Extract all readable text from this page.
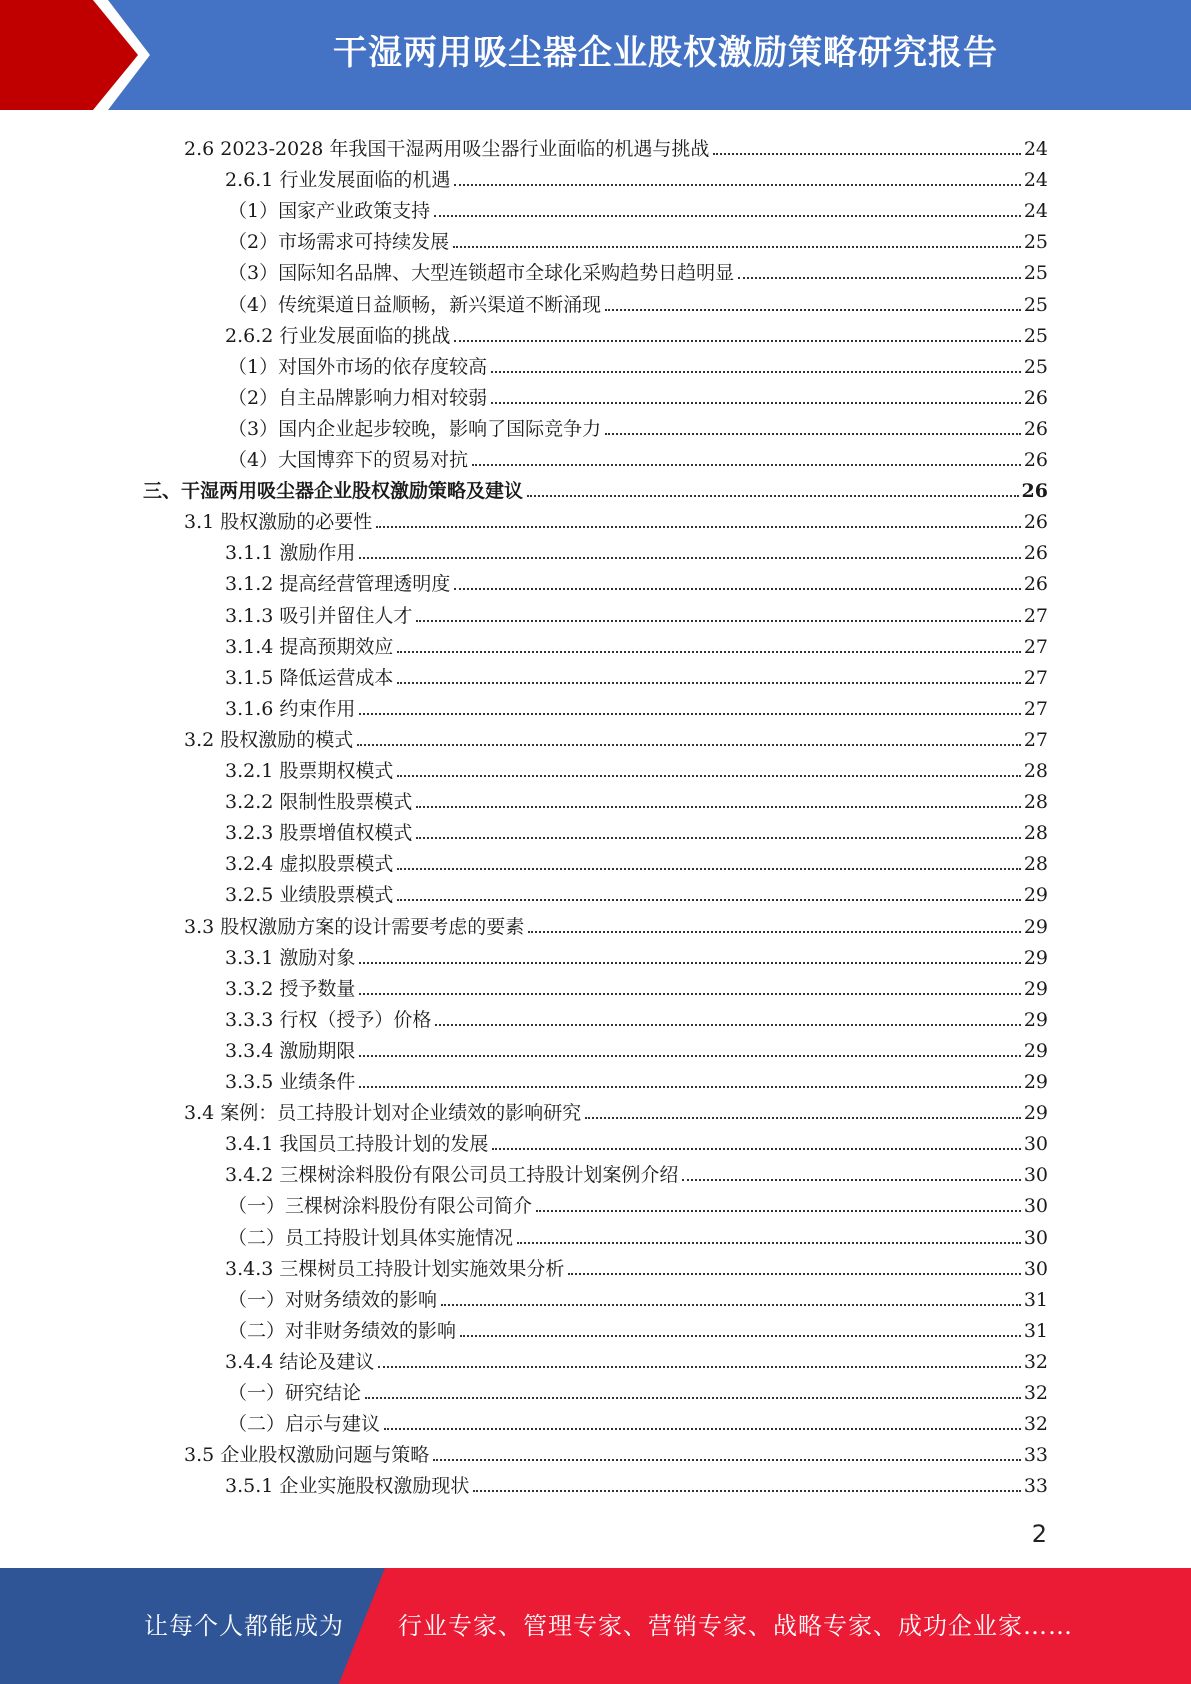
干湿两用吸尘器企业股权激励策略研究报告
2.6 2023-2028 年我国干湿两用吸尘器行业面临的机遇与挑战	24
2.6.1 行业发展面临的机遇	24
（1）国家产业政策支持	24
（2）市场需求可持续发展	25
（3）国际知名品牌、大型连锁超市全球化采购趋势日趋明显	25
（4）传统渠道日益顺畅，新兴渠道不断涌现	25
2.6.2 行业发展面临的挑战	25
（1）对国外市场的依存度较高	25
（2）自主品牌影响力相对较弱	26
（3）国内企业起步较晚，影响了国际竞争力	26
（4）大国博弈下的贸易对抗	26
三、干湿两用吸尘器企业股权激励策略及建议	26
3.1 股权激励的必要性	26
3.1.1 激励作用	26
3.1.2 提高经营管理透明度	26
3.1.3 吸引并留住人才	27
3.1.4 提高预期效应	27
3.1.5 降低运营成本	27
3.1.6 约束作用	27
3.2 股权激励的模式	27
3.2.1 股票期权模式	28
3.2.2 限制性股票模式	28
3.2.3 股票增值权模式	28
3.2.4 虚拟股票模式	28
3.2.5 业绩股票模式	29
3.3 股权激励方案的设计需要考虑的要素	29
3.3.1 激励对象	29
3.3.2 授予数量	29
3.3.3 行权（授予）价格	29
3.3.4 激励期限	29
3.3.5 业绩条件	29
3.4 案例：员工持股计划对企业绩效的影响研究	29
3.4.1 我国员工持股计划的发展	30
3.4.2 三棵树涂料股份有限公司员工持股计划案例介绍	30
（一）三棵树涂料股份有限公司简介	30
（二）员工持股计划具体实施情况	30
3.4.3 三棵树员工持股计划实施效果分析	30
（一）对财务绩效的影响	31
（二）对非财务绩效的影响	31
3.4.4 结论及建议	32
（一）研究结论	32
（二）启示与建议	32
3.5 企业股权激励问题与策略	33
3.5.1 企业实施股权激励现状	33
2
让每个人都能成为 行业专家、管理专家、营销专家、战略专家、成功企业家……
